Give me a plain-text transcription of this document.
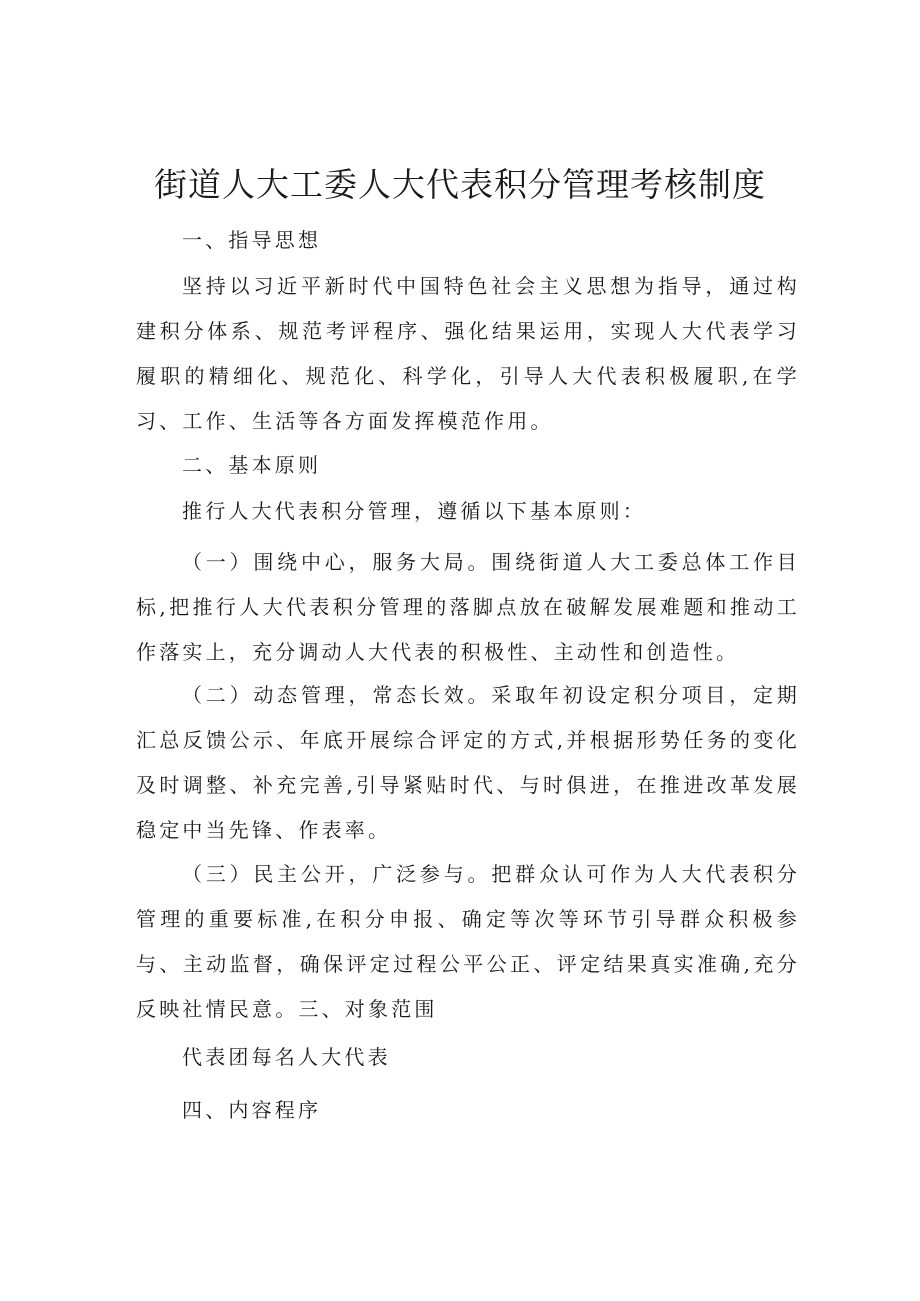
街道人大工委人大代表积分管理考核制度

一、指导思想

坚持以习近平新时代中国特色社会主义思想为指导，通过构建积分体系、规范考评程序、强化结果运用，实现人大代表学习履职的精细化、规范化、科学化，引导人大代表积极履职,在学习、工作、生活等各方面发挥模范作用。

二、基本原则

推行人大代表积分管理，遵循以下基本原则：

（一）围绕中心，服务大局。围绕街道人大工委总体工作目标,把推行人大代表积分管理的落脚点放在破解发展难题和推动工作落实上，充分调动人大代表的积极性、主动性和创造性。

（二）动态管理，常态长效。采取年初设定积分项目，定期汇总反馈公示、年底开展综合评定的方式,并根据形势任务的变化及时调整、补充完善,引导紧贴时代、与时俱进，在推进改革发展稳定中当先锋、作表率。

（三）民主公开，广泛参与。把群众认可作为人大代表积分管理的重要标准,在积分申报、确定等次等环节引导群众积极参与、主动监督，确保评定过程公平公正、评定结果真实准确,充分反映社情民意。三、对象范围

代表团每名人大代表

四、内容程序
